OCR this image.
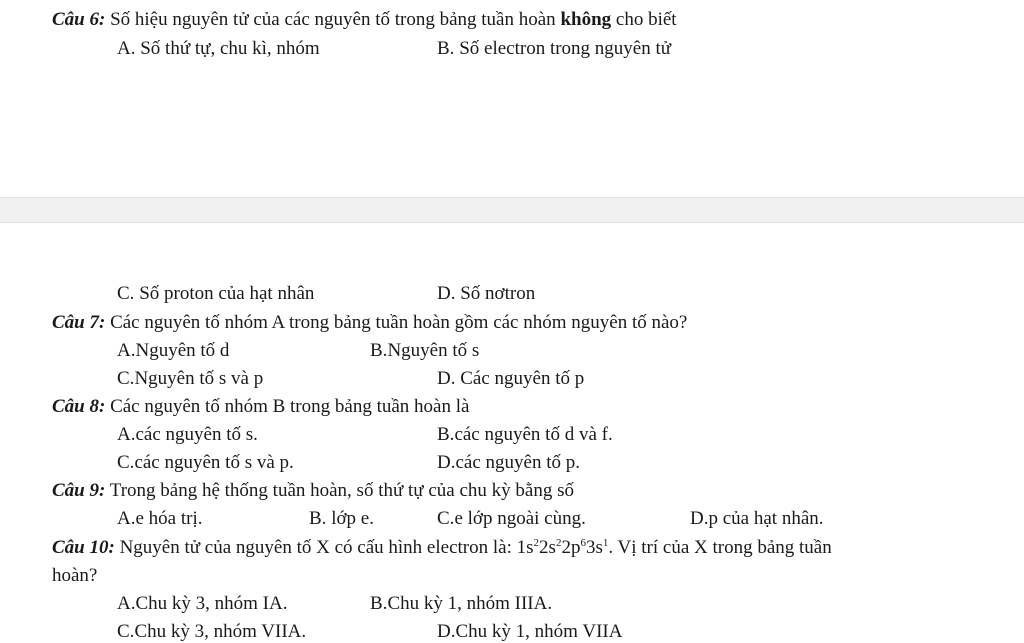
Câu 6: Số hiệu nguyên tử của các nguyên tố trong bảng tuần hoàn không cho biết
A. Số thứ tự, chu kì, nhóm	B. Số electron trong nguyên tử
C. Số proton của hạt nhân	D. Số nơtron
Câu 7: Các nguyên tố nhóm A trong bảng tuần hoàn gồm các nhóm nguyên tố nào?
A.Nguyên tố d	B.Nguyên tố s
C.Nguyên tố s và p	D. Các nguyên tố p
Câu 8: Các nguyên tố nhóm B trong bảng tuần hoàn là
A.các nguyên tố s.	B.các nguyên tố d và f.
C.các nguyên tố s và p.	D.các nguyên tố p.
Câu 9: Trong bảng hệ thống tuần hoàn, số thứ tự của chu kỳ bằng số
A.e hóa trị.	B. lớp e.	C.e lớp ngoài cùng.	D.p của hạt nhân.
Câu 10: Nguyên tử của nguyên tố X có cấu hình electron là: $1s^22s^22p^63s^1$. Vị trí của X trong bảng tuần
hoàn?
A.Chu kỳ 3, nhóm IA.	B.Chu kỳ 1, nhóm IIIA.
C.Chu kỳ 3, nhóm VIIA.	D.Chu kỳ 1, nhóm VIIA
